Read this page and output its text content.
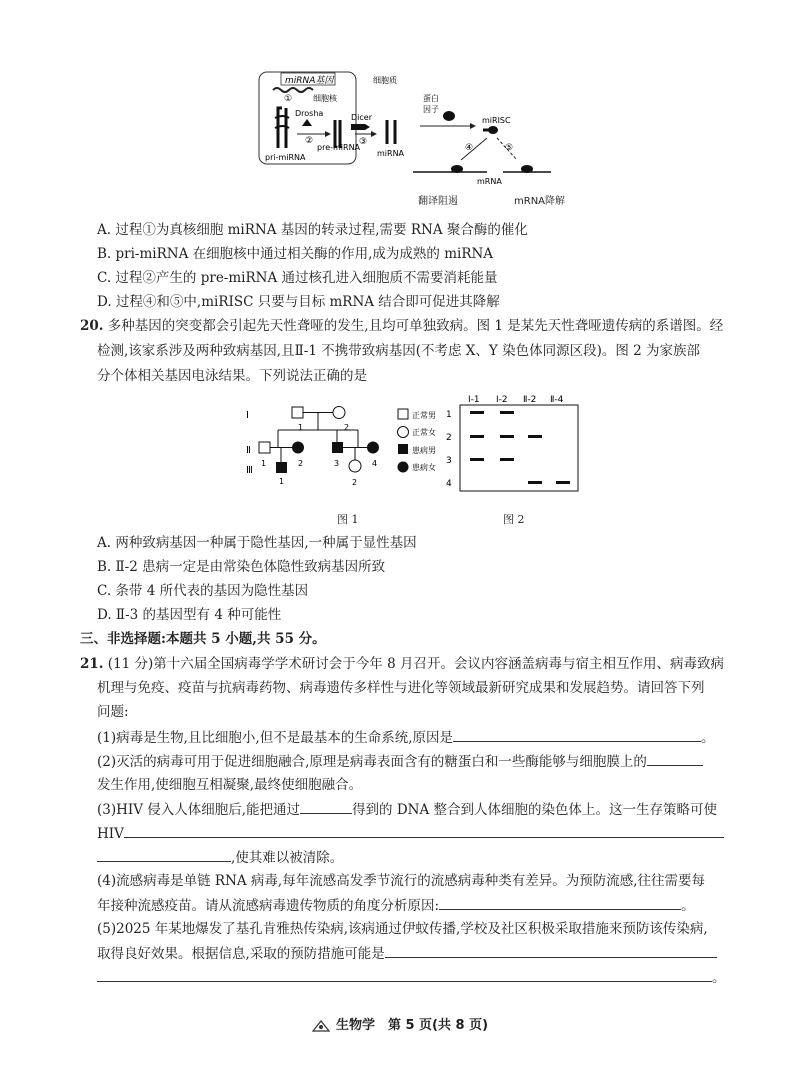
miRNA基因
①	细胞核
Drosha
②
pri-miRNA
pre-miRNA
细胞质
Dicer
③
miRNA
蛋白
因子
miRISC
④	⑤
mRNA
翻译阻遏	mRNA降解
A. 过程①为真核细胞 miRNA 基因的转录过程,需要 RNA 聚合酶的催化
B. pri-miRNA 在细胞核中通过相关酶的作用,成为成熟的 miRNA
C. 过程②产生的 pre-miRNA 通过核孔进入细胞质不需要消耗能量
D. 过程④和⑤中,miRISC 只要与目标 mRNA 结合即可促进其降解
20. 多种基因的突变都会引起先天性聋哑的发生,且均可单独致病。图 1 是某先天性聋哑遗传病的系谱图。经
检测,该家系涉及两种致病基因,且Ⅱ-1 不携带致病基因(不考虑 X、Y 染色体同源区段)。图 2 为家族部
分个体相关基因电泳结果。下列说法正确的是
Ⅰ
Ⅱ
Ⅲ
1	2
1	2	3	4
1	2
正常男
正常女
患病男
患病女
Ⅰ-1 Ⅰ-2 Ⅱ-2 Ⅱ-4
1
2
3
4
图 1	图 2
A. 两种致病基因一种属于隐性基因,一种属于显性基因
B. Ⅱ-2 患病一定是由常染色体隐性致病基因所致
C. 条带 4 所代表的基因为隐性基因
D. Ⅱ-3 的基因型有 4 种可能性
三、非选择题:本题共 5 小题,共 55 分。
21. (11 分)第十六届全国病毒学学术研讨会于今年 8 月召开。会议内容涵盖病毒与宿主相互作用、病毒致病
机理与免疫、疫苗与抗病毒药物、病毒遗传多样性与进化等领域最新研究成果和发展趋势。请回答下列
问题:
(1)病毒是生物,且比细胞小,但不是最基本的生命系统,原因是	。
(2)灭活的病毒可用于促进细胞融合,原理是病毒表面含有的糖蛋白和一些酶能够与细胞膜上的
发生作用,使细胞互相凝聚,最终使细胞融合。
(3)HIV 侵入人体细胞后,能把通过	得到的 DNA 整合到人体细胞的染色体上。这一生存策略可使
HIV
,使其难以被清除。
(4)流感病毒是单链 RNA 病毒,每年流感高发季节流行的流感病毒种类有差异。为预防流感,往往需要每
年接种流感疫苗。请从流感病毒遗传物质的角度分析原因:	。
(5)2025 年某地爆发了基孔肯雅热传染病,该病通过伊蚊传播,学校及社区积极采取措施来预防该传染病,
取得良好效果。根据信息,采取的预防措施可能是
。
生物学　第 5 页(共 8 页)
